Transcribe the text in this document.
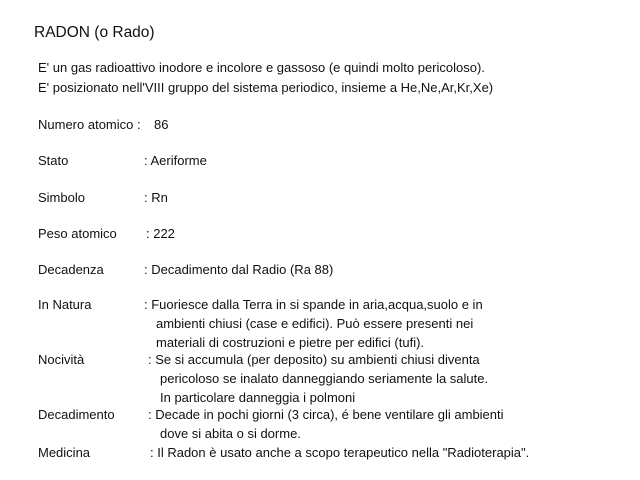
RADON (o Rado)
E' un gas radioattivo inodore e incolore e gassoso (e quindi molto pericoloso).
E' posizionato nell'VIII gruppo del sistema periodico, insieme a He,Ne,Ar,Kr,Xe)
Numero atomico : 86
Stato	: Aeriforme
Simbolo	: Rn
Peso atomico : 222
Decadenza	: Decadimento dal Radio (Ra 88)
In Natura	: Fuoriesce dalla Terra in si spande in aria,acqua,suolo e in
ambienti chiusi (case e edifici). Può essere presenti nei
materiali di costruzioni e pietre per edifici (tufi).
Nocività	: Se si accumula (per deposito) su ambienti chiusi diventa
pericoloso se inalato danneggiando seriamente la salute.
In particolare danneggia i polmoni
Decadimento	: Decade in pochi giorni (3 circa), é bene ventilare gli ambienti
dove si abita o si dorme.
Medicina	: Il Radon è usato anche a scopo terapeutico nella "Radioterapia".
